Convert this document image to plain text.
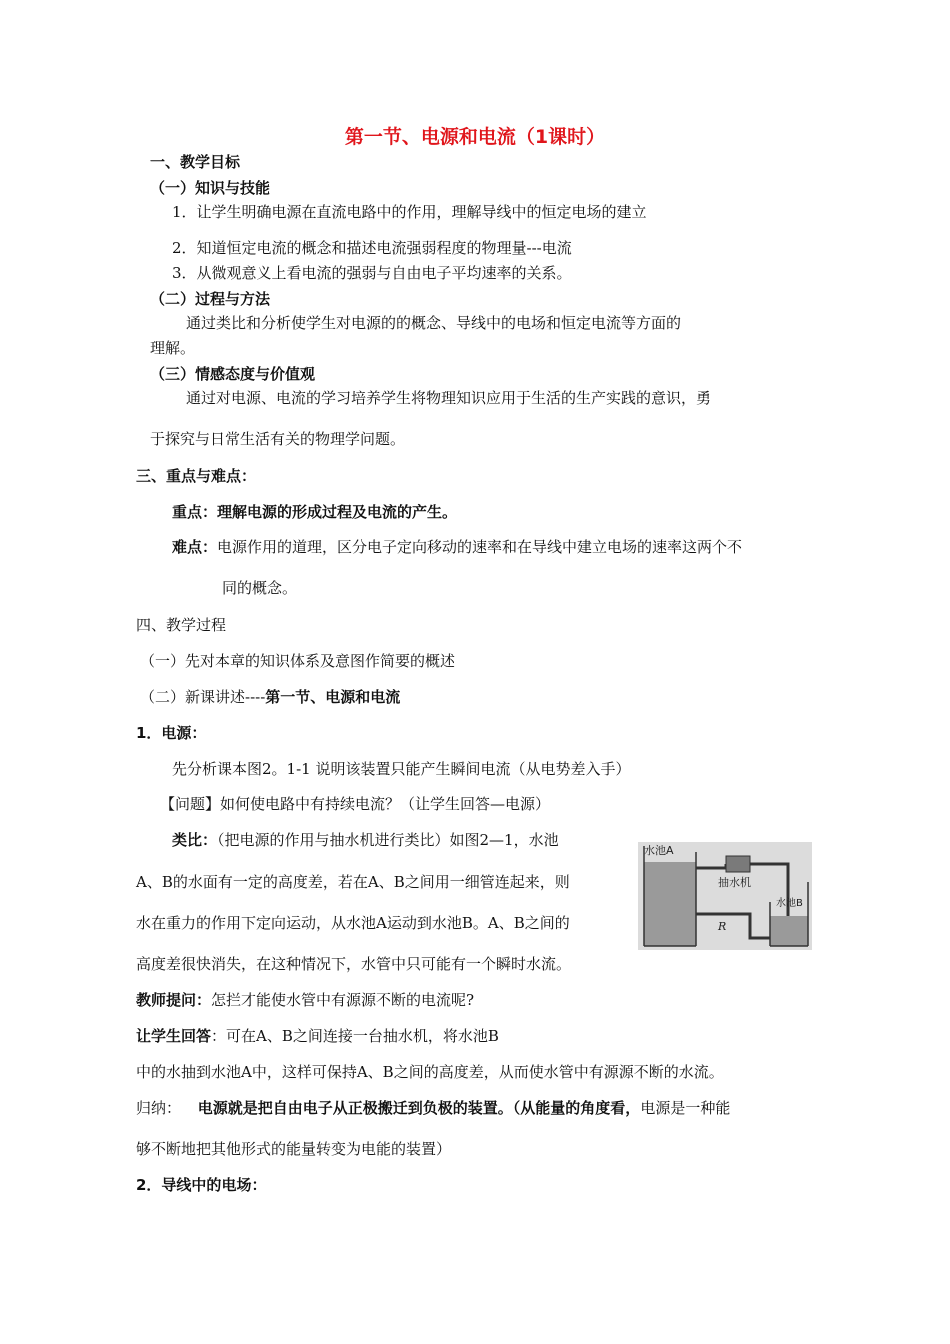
第一节、电源和电流（1课时）
一、教学目标
（一）知识与技能
1．让学生明确电源在直流电路中的作用，理解导线中的恒定电场的建立
2．知道恒定电流的概念和描述电流强弱程度的物理量---电流
3．从微观意义上看电流的强弱与自由电子平均速率的关系。
（二）过程与方法
通过类比和分析使学生对电源的的概念、导线中的电场和恒定电流等方面的
理解。
（三）情感态度与价值观
通过对电源、电流的学习培养学生将物理知识应用于生活的生产实践的意识，勇
于探究与日常生活有关的物理学问题。
三、重点与难点：
重点：理解电源的形成过程及电流的产生。
难点：电源作用的道理，区分电子定向移动的速率和在导线中建立电场的速率这两个不
同的概念。
四、教学过程
（一）先对本章的知识体系及意图作简要的概述
（二）新课讲述----第一节、电源和电流
1．电源：
先分析课本图2。1-1 说明该装置只能产生瞬间电流（从电势差入手）
【问题】如何使电路中有持续电流？（让学生回答—电源）
类比：（把电源的作用与抽水机进行类比）如图2—1，水池
A、B的水面有一定的高度差，若在A、B之间用一细管连起来，则
水在重力的作用下定向运动，从水池A运动到水池B。A、B之间的
高度差很快消失，在这种情况下，水管中只可能有一个瞬时水流。
教师提问：怎拦才能使水管中有源源不断的电流呢?
让学生回答：可在A、B之间连接一台抽水机，将水池B
中的水抽到水池A中，这样可保持A、B之间的高度差，从而使水管中有源源不断的水流。
归纳： 电源就是把自由电子从正极搬迁到负极的装置。（从能量的角度看，电源是一种能
够不断地把其他形式的能量转变为电能的装置）
2．导线中的电场：
水池A
抽水机
水池B
R
